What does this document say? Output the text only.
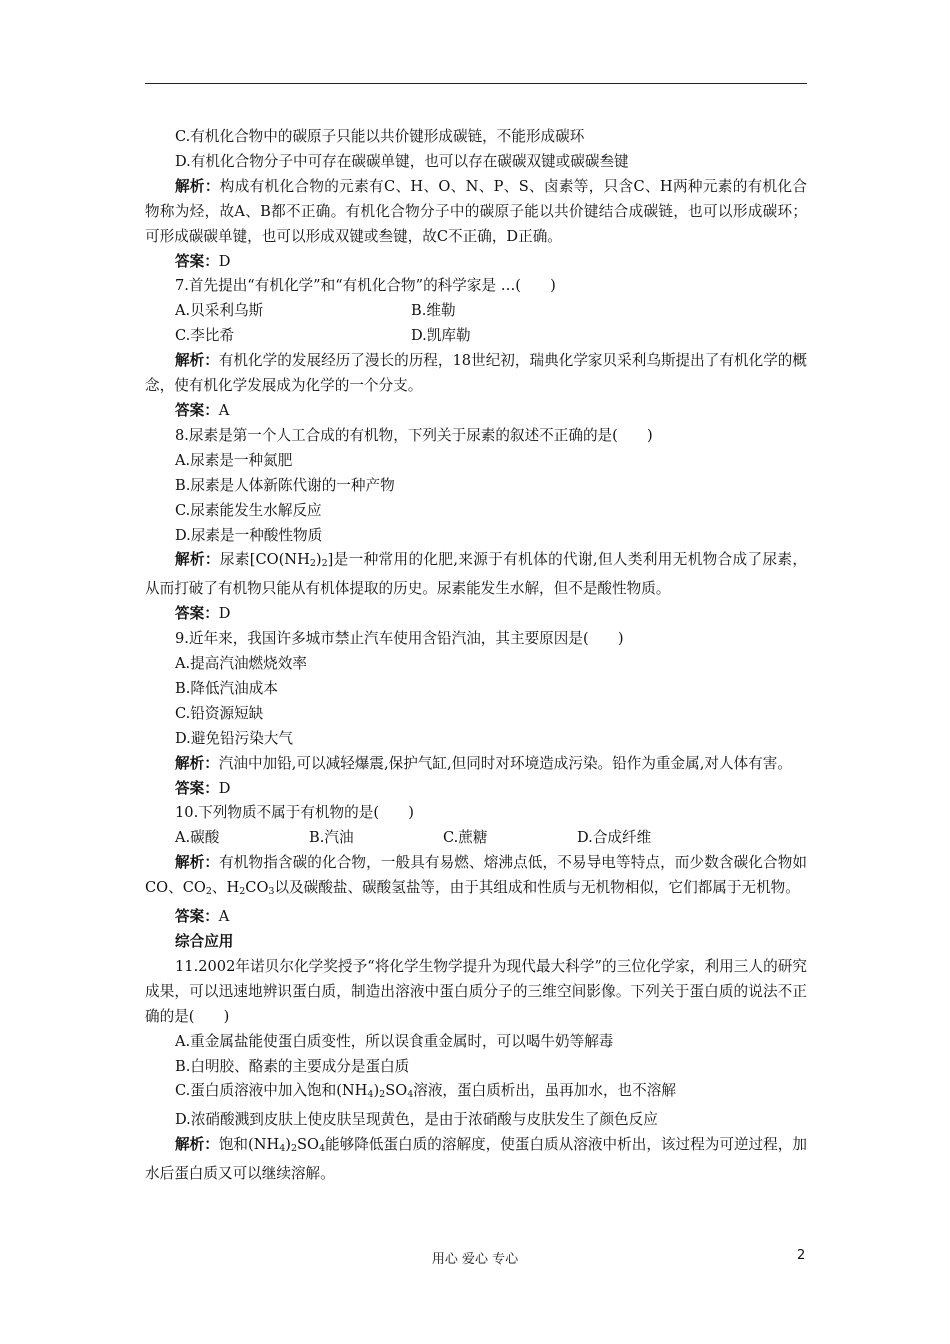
C.有机化合物中的碳原子只能以共价键形成碳链，不能形成碳环

D.有机化合物分子中可存在碳碳单键，也可以存在碳碳双键或碳碳叁键

解析：构成有机化合物的元素有C、H、O、N、P、S、卤素等，只含C、H两种元素的有机化合物称为烃，故A、B都不正确。有机化合物分子中的碳原子能以共价键结合成碳链，也可以形成碳环；可形成碳碳单键，也可以形成双键或叁键，故C不正确，D正确。

答案：D

7.首先提出“有机化学”和“有机化合物”的科学家是 …(　　)

A.贝采利乌斯	B.维勒
C.李比希	D.凯库勒

解析：有机化学的发展经历了漫长的历程，18世纪初，瑞典化学家贝采利乌斯提出了有机化学的概念，使有机化学发展成为化学的一个分支。

答案：A

8.尿素是第一个人工合成的有机物，下列关于尿素的叙述不正确的是(　　)

A.尿素是一种氮肥

B.尿素是人体新陈代谢的一种产物

C.尿素能发生水解反应

D.尿素是一种酸性物质

解析：尿素$[CO(NH_2)_2]$是一种常用的化肥,来源于有机体的代谢,但人类利用无机物合成了尿素，从而打破了有机物只能从有机体提取的历史。尿素能发生水解，但不是酸性物质。

答案：D

9.近年来，我国许多城市禁止汽车使用含铅汽油，其主要原因是(　　)

A.提高汽油燃烧效率

B.降低汽油成本

C.铅资源短缺

D.避免铅污染大气

解析：汽油中加铅,可以减轻爆震,保护气缸,但同时对环境造成污染。铅作为重金属,对人体有害。

答案：D

10.下列物质不属于有机物的是(　　)

A.碳酸	B.汽油	C.蔗糖	D.合成纤维

解析：有机物指含碳的化合物，一般具有易燃、熔沸点低，不易导电等特点，而少数含碳化合物如CO、$CO_2$、$H_2CO_3$以及碳酸盐、碳酸氢盐等，由于其组成和性质与无机物相似，它们都属于无机物。

答案：A

综合应用

11.2002年诺贝尔化学奖授予“将化学生物学提升为现代最大科学”的三位化学家，利用三人的研究成果，可以迅速地辨识蛋白质，制造出溶液中蛋白质分子的三维空间影像。下列关于蛋白质的说法不正确的是(　　)

A.重金属盐能使蛋白质变性，所以误食重金属时，可以喝牛奶等解毒

B.白明胶、酪素的主要成分是蛋白质

C.蛋白质溶液中加入饱和$(NH_4)_2SO_4$溶液，蛋白质析出，虽再加水，也不溶解

D.浓硝酸溅到皮肤上使皮肤呈现黄色，是由于浓硝酸与皮肤发生了颜色反应

解析：饱和$(NH_4)_2SO_4$能够降低蛋白质的溶解度，使蛋白质从溶液中析出，该过程为可逆过程，加水后蛋白质又可以继续溶解。

用心 爱心 专心	2
